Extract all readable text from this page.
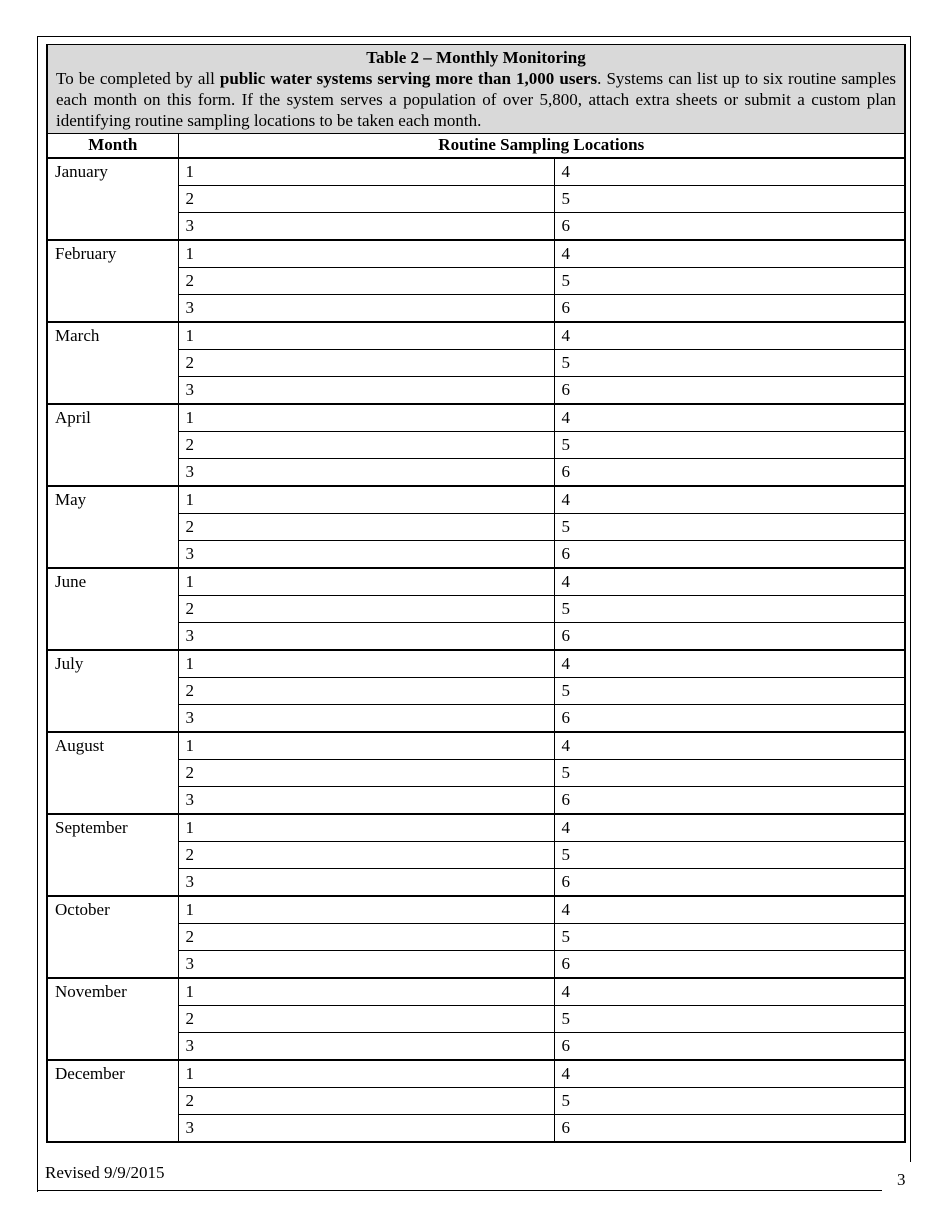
Table 2 – Monthly Monitoring
To be completed by all public water systems serving more than 1,000 users. Systems can list up to six routine samples each month on this form. If the system serves a population of over 5,800, attach extra sheets or submit a custom plan identifying routine sampling locations to be taken each month.		

Month	Routine Sampling Locations	
January	1	4
	2	5
	3	6
February	1	4
	2	5
	3	6
March	1	4
	2	5
	3	6
April	1	4
	2	5
	3	6
May	1	4
	2	5
	3	6
June	1	4
	2	5
	3	6
July	1	4
	2	5
	3	6
August	1	4
	2	5
	3	6
September	1	4
	2	5
	3	6
October	1	4
	2	5
	3	6
November	1	4
	2	5
	3	6
December	1	4
	2	5
	3	6
Revised 9/9/2015	3
